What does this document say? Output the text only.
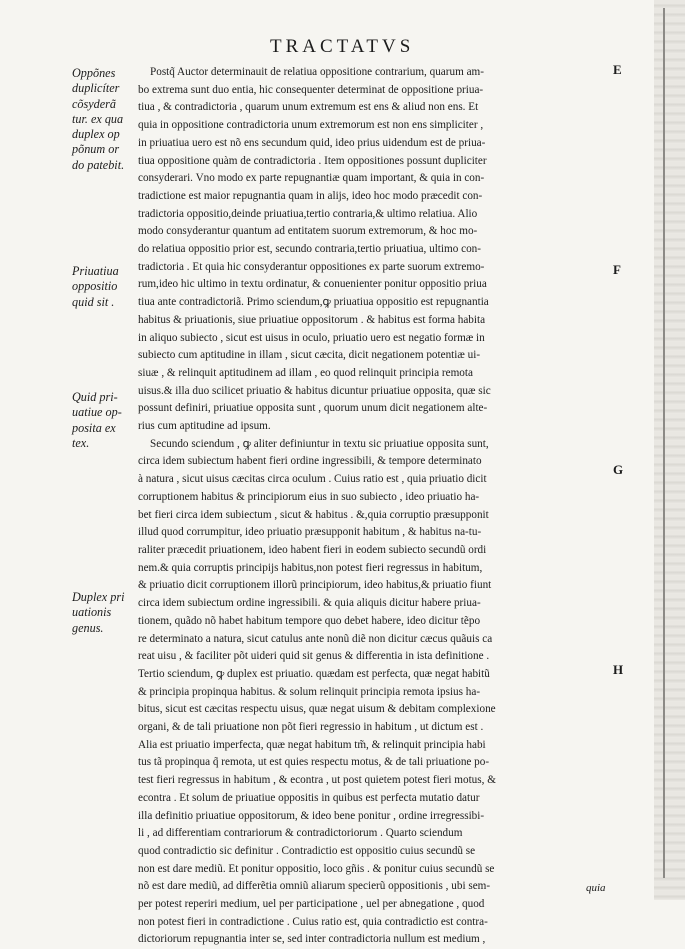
TRACTATVS
Oppõnes
duplicíter
cõsyderã
tur. ex qua
duplex op
põnum or
do patebit.
Priuatiua
oppositio
quid sit .
Quid pri-
uatiue op-
posita ex
tex.
Duplex pri
uationis
genus.
E
F
G
H
Postq̃ Auctor determinauit de relatiua oppositione contrarium, quarum am-
bo extrema sunt duo entia, hic consequenter determinat de oppositione priua-
tiua , & contradictoria , quarum unum extremum est ens & aliud non ens. Et
quia in oppositione contradictoria unum extremorum est non ens simpliciter ,
in priuatiua uero est nõ ens secundum quid, ideo prius uidendum est de priua-
tiua oppositione quàm de contradictoria . Item oppositiones possunt dupliciter
consyderari. Vno modo ex parte repugnantiæ quam important, & quia in con-
tradictione est maior repugnantia quam in alijs, ideo hoc modo præcedit con-
tradictoria oppositio,deinde priuatiua,tertio contraria,& ultimo relatiua. Alio
modo consyderantur quantum ad entitatem suorum extremorum, & hoc mo-
do relatiua oppositio prior est, secundo contraria,tertio priuatiua, ultimo con-
tradictoria . Et quia hic consyderantur oppositiones ex parte suorum extremo-
rum,ideo hic ultimo in textu ordinatur, & conuenienter ponitur oppositio priua
tiua ante contradictoriã. Primo sciendum,ꝙ priuatiua oppositio est repugnantia
habitus & priuationis, siue priuatiue oppositorum . & habitus est forma habita
in aliquo subiecto , sicut est uisus in oculo, priuatio uero est negatio formæ in
subiecto cum aptitudine in illam , sicut cæcita, dicit negationem potentiæ ui-
siuæ , & relinquit aptitudinem ad illam , eo quod relinquit principia remota
uisus.& illa duo scilicet priuatio & habitus dicuntur priuatiue opposita, quæ sic
possunt definiri, priuatiue opposita sunt , quorum unum dicit negationem alte-
rius cum aptitudine ad ipsum.
Secundo sciendum , ꝙ aliter definiuntur in textu sic priuatiue opposita sunt,
circa idem subiectum habent fieri ordine ingressibili, & tempore determinato
à natura , sicut uisus cæcitas circa oculum . Cuius ratio est , quia priuatio dicit
corruptionem habitus & principiorum eius in suo subiecto , ideo priuatio ha-
bet fieri circa idem subiectum , sicut & habitus . &,quia corruptio præsupponit
illud quod corrumpitur, ideo priuatio præsupponit habitum , & habitus na-tu-
raliter præcedit priuationem, ideo habent fieri in eodem subiecto secundũ ordi
nem.& quia corruptis principijs habitus,non potest fieri regressus in habitum,
& priuatio dicit corruptionem illorũ principiorum, ideo habitus,& priuatio fiunt
circa idem subiectum ordine ingressibili. & quia aliquis dicitur habere priua-
tionem, quãdo nõ habet habitum tempore quo debet habere, ideo dicitur tẽpo
re determinato a natura, sicut catulus ante nonũ diẽ non dicitur cæcus quãuis ca
reat uisu , & faciliter põt uideri quid sit genus & differentia in ista definitione .
Tertio sciendum, ꝙ duplex est priuatio. quædam est perfecta, quæ negat habitũ
& principia propinqua habitus. & solum relinquit principia remota ipsius ha-
bitus, sicut est cæcitas respectu uisus, quæ negat uisum & debitam complexione
organi, & de tali priuatione non põt fieri regressio in habitum , ut dictum est .
Alia est priuatio imperfecta, quæ negat habitum tm̃, & relinquit principia habi
tus tã propinqua q̃ remota, ut est quies respectu motus, & de tali priuatione po-
test fieri regressus in habitum , & econtra , ut post quietem potest fieri motus, &
econtra . Et solum de priuatiue oppositis in quibus est perfecta mutatio datur
illa definitio priuatiue oppositorum, & ideo bene ponitur , ordine irregressibi-
li , ad differentiam contrariorum & contradictoriorum . Quarto sciendum
quod contradictio sic definitur . Contradictio est oppositio cuius secundũ se
non est dare mediũ. Et ponitur oppositio, loco gñis . & ponitur cuius secundũ se
nõ est dare mediũ, ad differẽtia omniũ aliarum specierũ oppositionis , ubi sem-
per potest reperiri medium, uel per participatione , uel per abnegatione , quod
non potest fieri in contradictione . Cuius ratio est, quia contradictio est contra-
dictoriorum repugnantia inter se, sed inter contradictoria nullum est medium ,
quia
